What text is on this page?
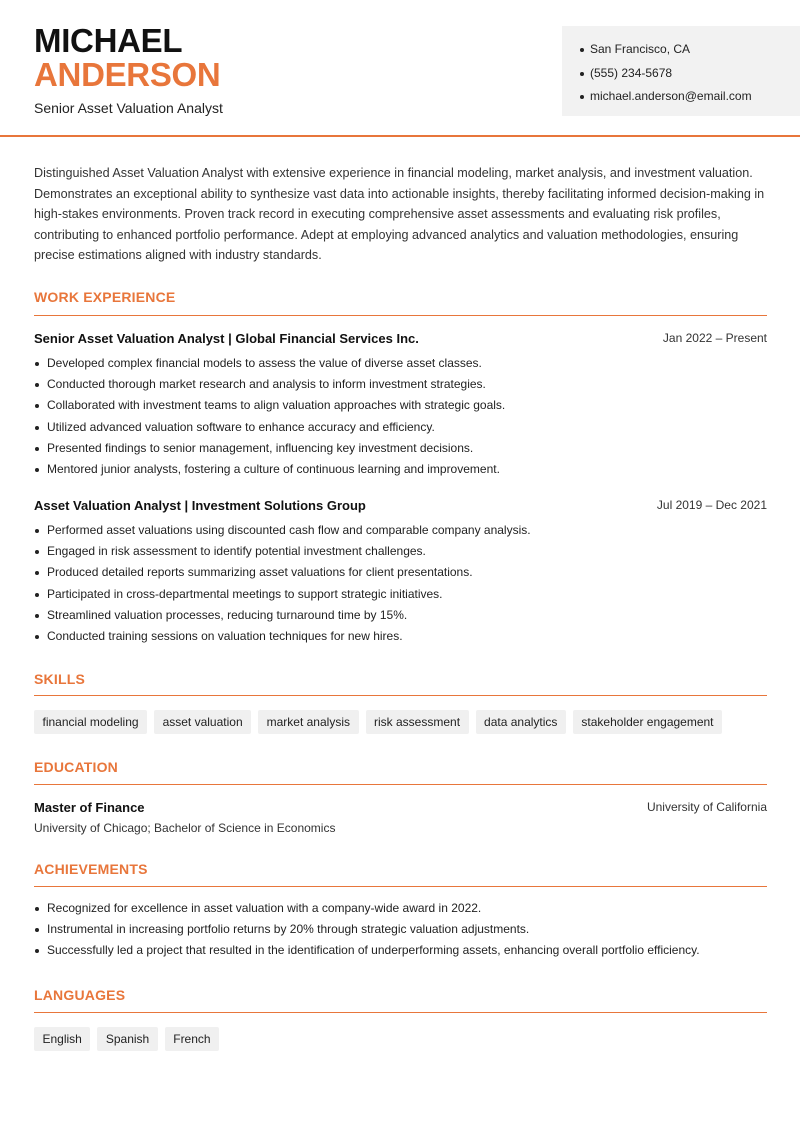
MICHAEL
ANDERSON
Senior Asset Valuation Analyst
San Francisco, CA
(555) 234-5678
michael.anderson@email.com

Distinguished Asset Valuation Analyst with extensive experience in financial modeling, market analysis, and investment valuation. Demonstrates an exceptional ability to synthesize vast data into actionable insights, thereby facilitating informed decision-making in high-stakes environments. Proven track record in executing comprehensive asset assessments and evaluating risk profiles, contributing to enhanced portfolio performance. Adept at employing advanced analytics and valuation methodologies, ensuring precise estimations aligned with industry standards.

WORK EXPERIENCE
Senior Asset Valuation Analyst | Global Financial Services Inc.	Jan 2022 – Present
Developed complex financial models to assess the value of diverse asset classes.
Conducted thorough market research and analysis to inform investment strategies.
Collaborated with investment teams to align valuation approaches with strategic goals.
Utilized advanced valuation software to enhance accuracy and efficiency.
Presented findings to senior management, influencing key investment decisions.
Mentored junior analysts, fostering a culture of continuous learning and improvement.
Asset Valuation Analyst | Investment Solutions Group	Jul 2019 – Dec 2021
Performed asset valuations using discounted cash flow and comparable company analysis.
Engaged in risk assessment to identify potential investment challenges.
Produced detailed reports summarizing asset valuations for client presentations.
Participated in cross-departmental meetings to support strategic initiatives.
Streamlined valuation processes, reducing turnaround time by 15%.
Conducted training sessions on valuation techniques for new hires.
SKILLS
financial modeling	asset valuation	market analysis	risk assessment	data analytics	stakeholder engagement
EDUCATION
Master of Finance	University of California
University of Chicago; Bachelor of Science in Economics
ACHIEVEMENTS
Recognized for excellence in asset valuation with a company-wide award in 2022.
Instrumental in increasing portfolio returns by 20% through strategic valuation adjustments.
Successfully led a project that resulted in the identification of underperforming assets, enhancing overall portfolio efficiency.
LANGUAGES
English	Spanish	French
